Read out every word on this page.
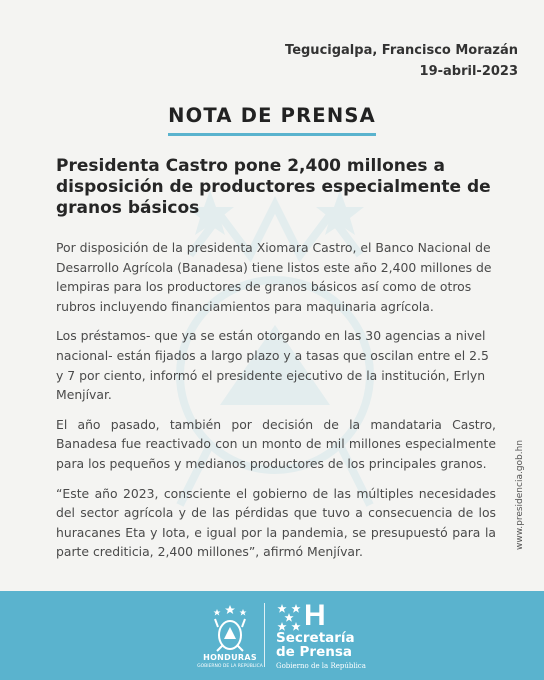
Tegucigalpa, Francisco Morazán
19-abril-2023
NOTA DE PRENSA
Presidenta Castro pone 2,400 millones a disposición de productores especialmente de granos básicos

Por disposición de la presidenta Xiomara Castro, el Banco Nacional de Desarrollo Agrícola (Banadesa) tiene listos este año 2,400 millones de lempiras para los productores de granos básicos así como de otros rubros incluyendo financiamientos para maquinaria agrícola.

Los préstamos- que ya se están otorgando en las 30 agencias a nivel nacional- están fijados a largo plazo y a tasas que oscilan entre el 2.5 y 7 por ciento, informó el presidente ejecutivo de la institución, Erlyn Menjívar.

El año pasado, también por decisión de la mandataria Castro, Banadesa fue reactivado con un monto de mil millones especialmente para los pequeños y medianos productores de los principales granos.

“Este año 2023, consciente el gobierno de las múltiples necesidades del sector agrícola y de las pérdidas que tuvo a consecuencia de los huracanes Eta y Iota, e igual por la pandemia, se presupuestó para la parte crediticia, 2,400 millones”, afirmó Menjívar.

www.presidencia.gob.hn
HONDURAS
GOBIERNO DE LA REPÚBLICA
H
Secretaría
de Prensa
Gobierno de la República
